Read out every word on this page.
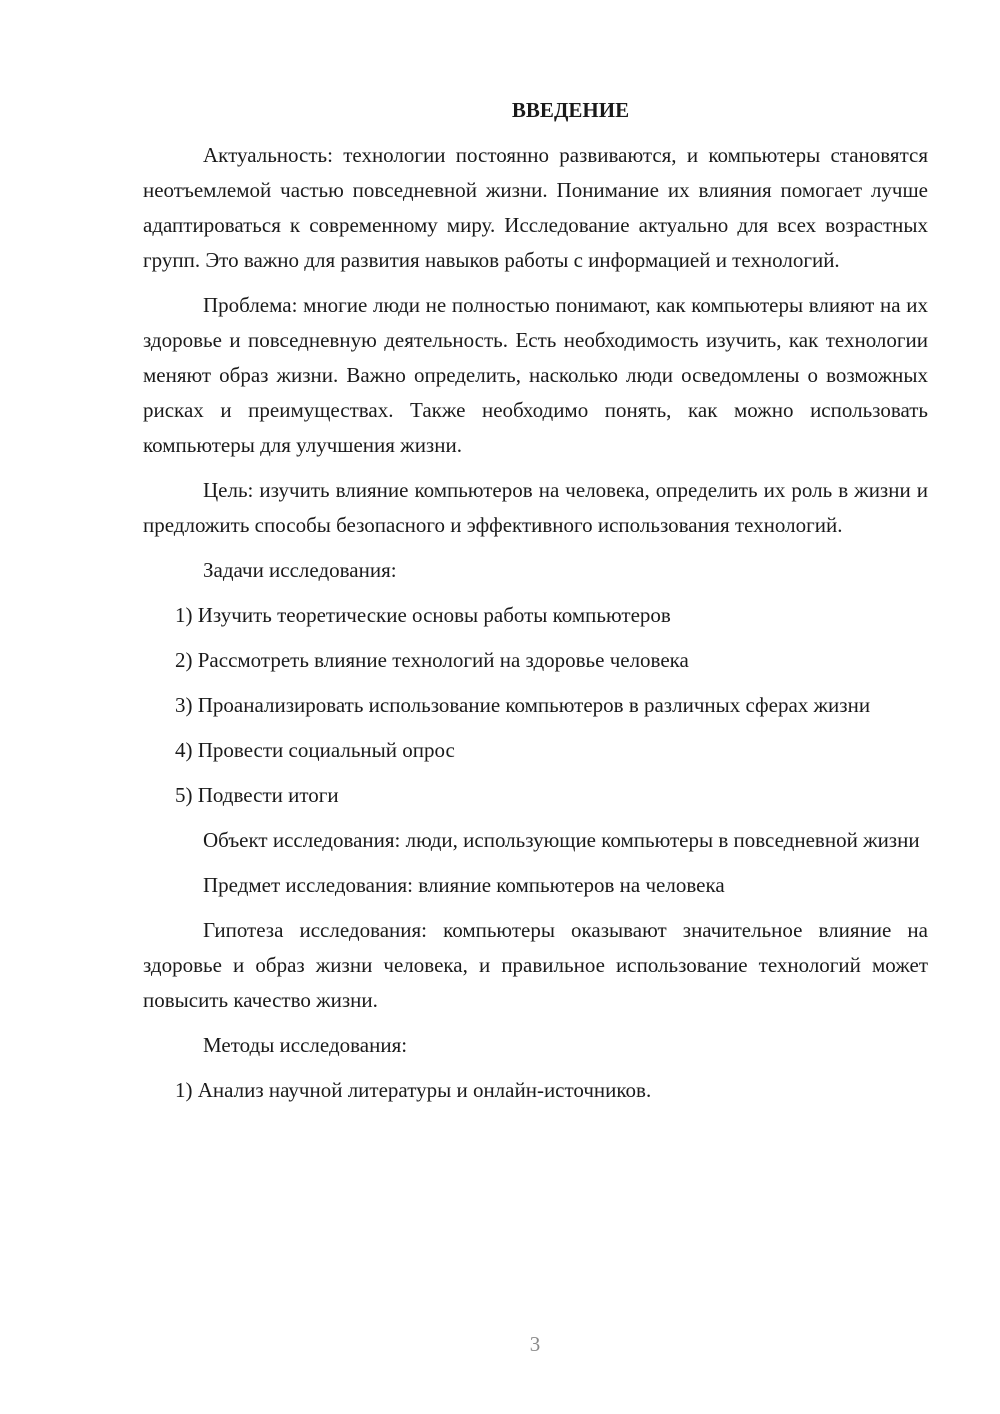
ВВЕДЕНИЕ

Актуальность: технологии постоянно развиваются, и компьютеры становятся неотъемлемой частью повседневной жизни. Понимание их влияния помогает лучше адаптироваться к современному миру. Исследование актуально для всех возрастных групп. Это важно для развития навыков работы с информацией и технологий.

Проблема: многие люди не полностью понимают, как компьютеры влияют на их здоровье и повседневную деятельность. Есть необходимость изучить, как технологии меняют образ жизни. Важно определить, насколько люди осведомлены о возможных рисках и преимуществах. Также необходимо понять, как можно использовать компьютеры для улучшения жизни.

Цель: изучить влияние компьютеров на человека, определить их роль в жизни и предложить способы безопасного и эффективного использования технологий.

Задачи исследования:

1) Изучить теоретические основы работы компьютеров

2) Рассмотреть влияние технологий на здоровье человека

3) Проанализировать использование компьютеров в различных сферах жизни

4) Провести социальный опрос

5) Подвести итоги

Объект исследования: люди, использующие компьютеры в повседневной жизни

Предмет исследования: влияние компьютеров на человека

Гипотеза исследования: компьютеры оказывают значительное влияние на здоровье и образ жизни человека, и правильное использование технологий может повысить качество жизни.

Методы исследования:

1) Анализ научной литературы и онлайн-источников.

3
